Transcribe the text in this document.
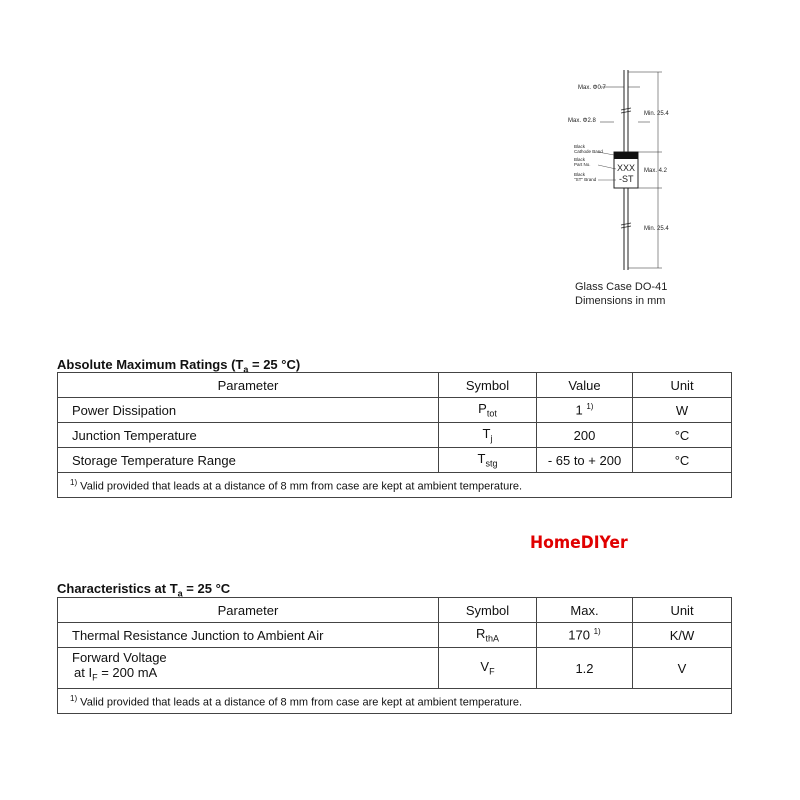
XXX
-ST
Max. Φ0.7
Max. Φ2.8
Min. 25.4
Max. 4.2
Min. 25.4
Black
Cathode Band
Black
Part No.
Black
"ST" Brand
Glass Case DO-41
Dimensions in mm
Absolute Maximum Ratings ($T_a = 25$ °C)
Parameter	Symbol	Value	Unit
Power Dissipation	$P_{tot}$	1 $^{1)}$	W
Junction Temperature	$T_j$	200	°C
Storage Temperature Range	$T_{stg}$	- 65 to + 200	°C
$^{1)}$ Valid provided that leads at a distance of 8 mm from case are kept at ambient temperature.			
HomeDIYer
Characteristics at $T_a = 25$ °C
Parameter	Symbol	Max.	Unit
Thermal Resistance Junction to Ambient Air	$R_{thA}$	170 $^{1)}$	K/W
Forward Voltage
at $I_F = 200$ mA	$V_F$	1.2	V
$^{1)}$ Valid provided that leads at a distance of 8 mm from case are kept at ambient temperature.			
